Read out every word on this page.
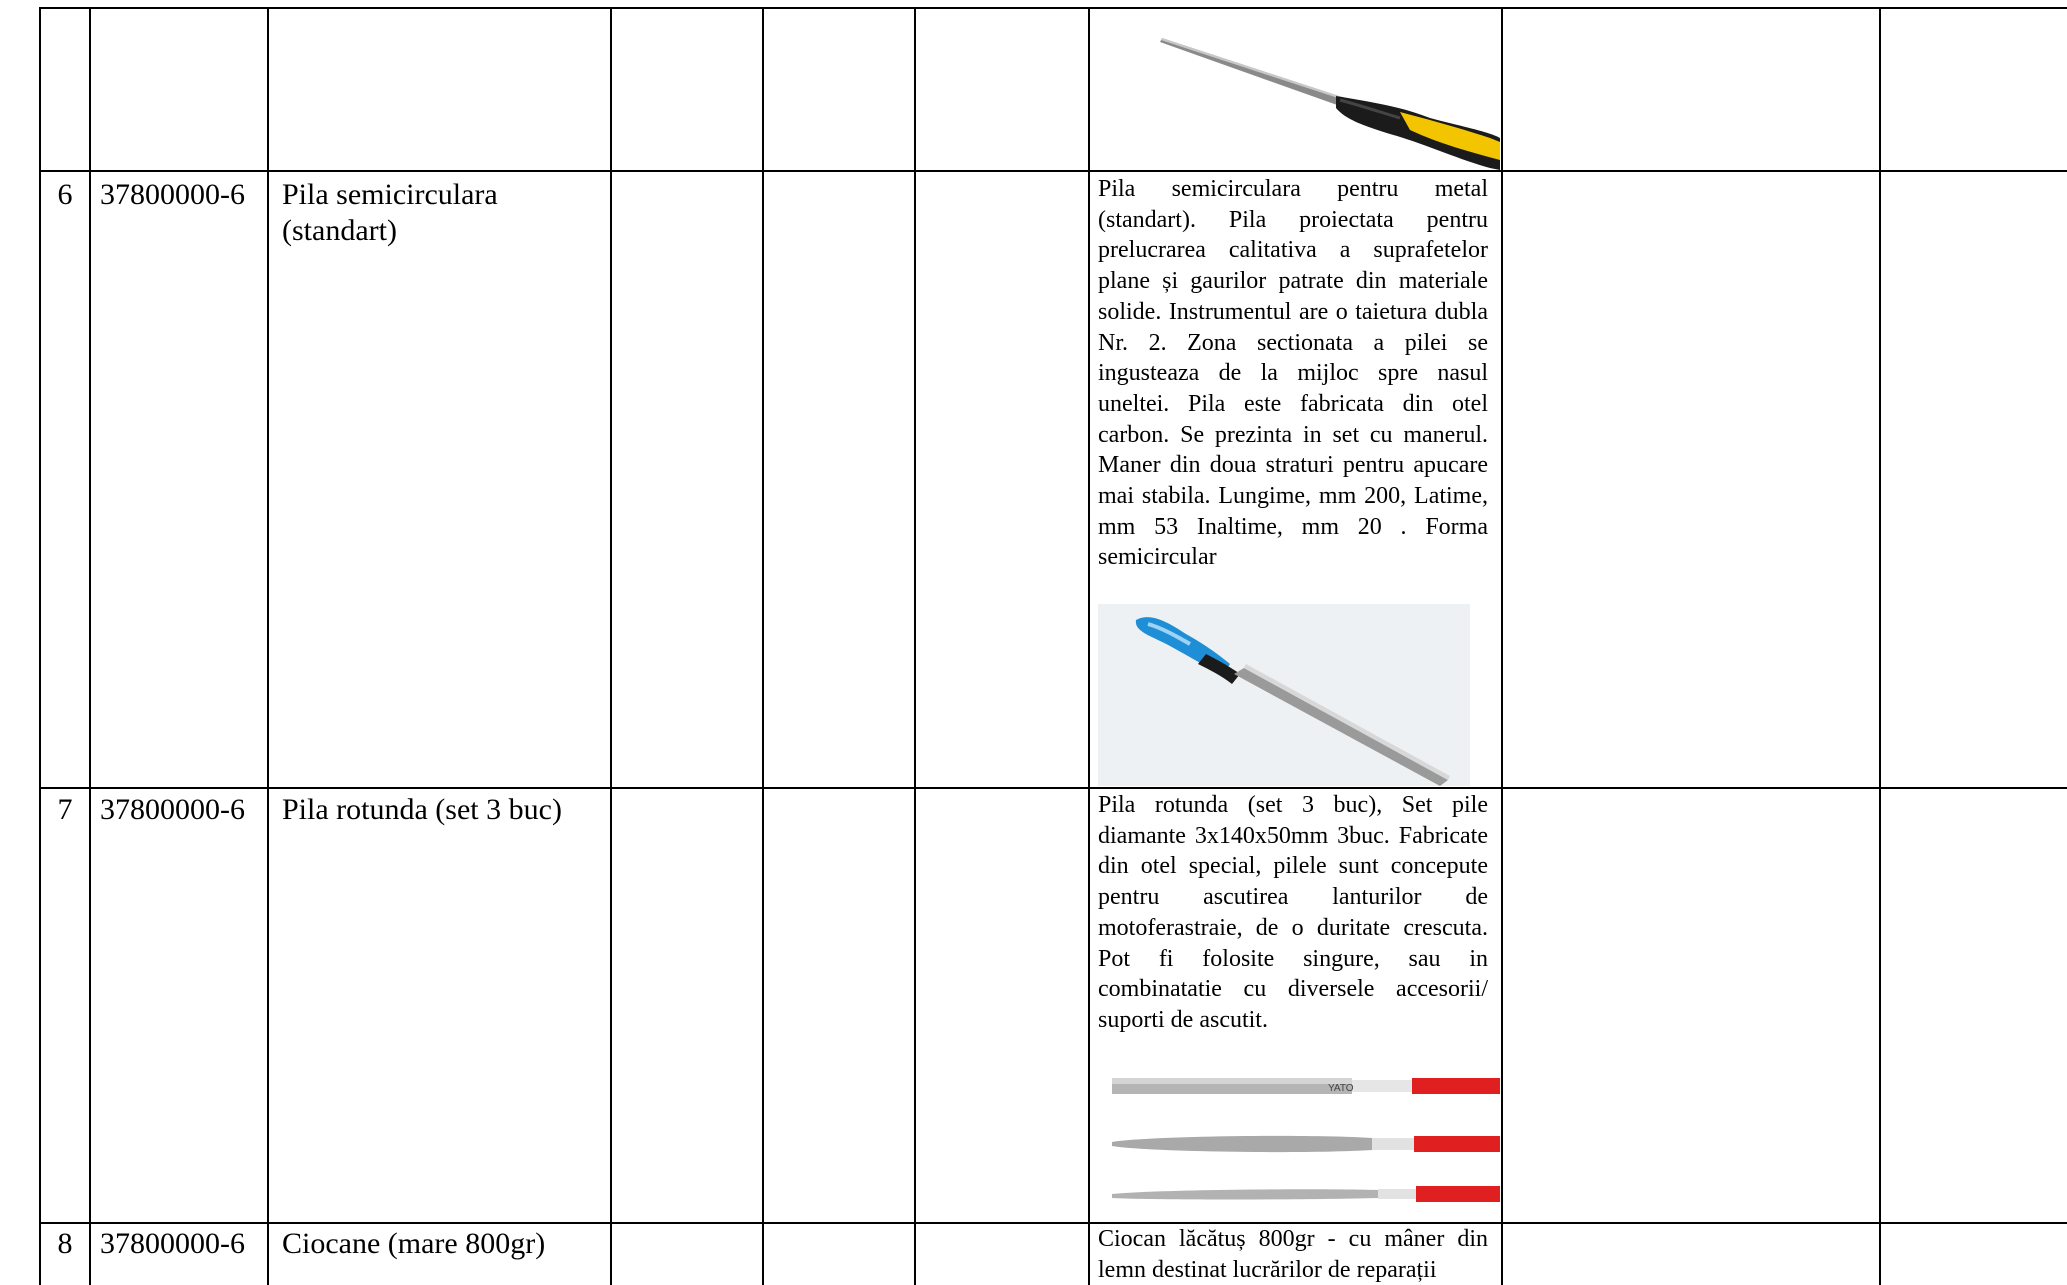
6 37800000-6 Pila semicirculara (standart)
Pila semicirculara pentru metal (standart). Pila proiectata pentru prelucrarea calitativa a suprafetelor plane și gaurilor patrate din materiale solide. Instrumentul are o taietura dubla Nr. 2. Zona sectionata a pilei se ingusteaza de la mijloc spre nasul uneltei. Pila este fabricata din otel carbon. Se prezinta in set cu manerul. Maner din doua straturi pentru apucare mai stabila. Lungime, mm 200, Latime, mm 53 Inaltime, mm 20 . Forma semicircular
7 37800000-6 Pila rotunda (set 3 buc)	Pila rotunda (set 3 buc), Set pile diamante 3x140x50mm 3buc. Fabricate din otel special, pilele sunt concepute pentru ascutirea lanturilor de motoferastraie, de o duritate crescuta. Pot fi folosite singure, sau in combinatatie cu diversele accesorii/ suporti de ascutit.
YATO
8 37800000-6 Ciocane (mare 800gr)	Ciocan lăcătuș 800gr - cu mâner din lemn destinat lucrărilor de reparații
